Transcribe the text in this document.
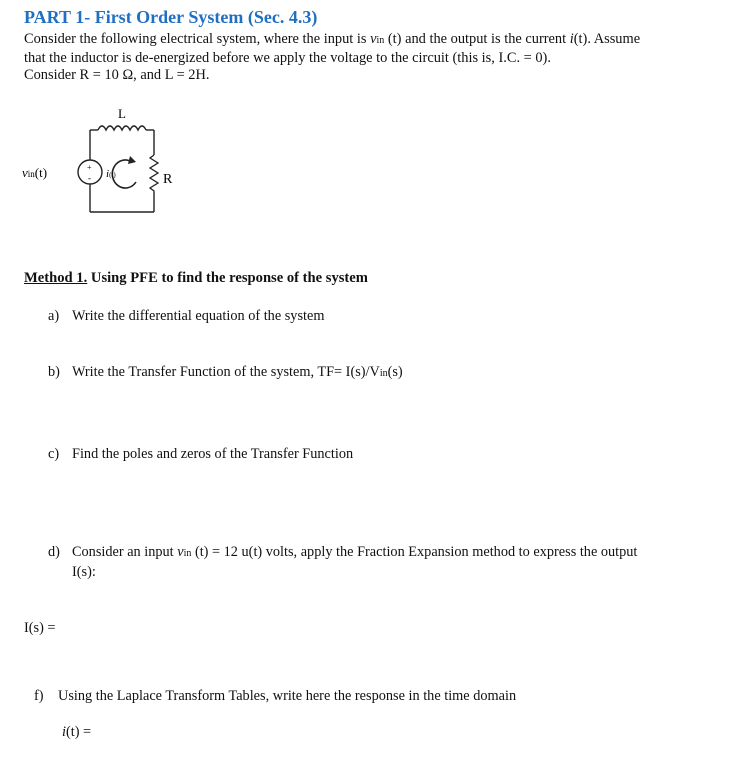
PART 1- First Order System (Sec. 4.3)
Consider the following electrical system, where the input is vin (t) and the output is the current i(t). Assume
that the inductor is de-energized before we apply the voltage to the circuit (this is, I.C. = 0).
Consider R = 10 Ω, and L = 2H.
L
R
+
-
vin(t)	i(t)
Method 1. Using PFE to find the response of the system
a) Write the differential equation of the system
b) Write the Transfer Function of the system, TF= I(s)/Vin(s)
c) Find the poles and zeros of the Transfer Function
d) Consider an input vin (t) = 12 u(t) volts, apply the Fraction Expansion method to express the output
I(s):
I(s) =
f) Using the Laplace Transform Tables, write here the response in the time domain
i(t) =
